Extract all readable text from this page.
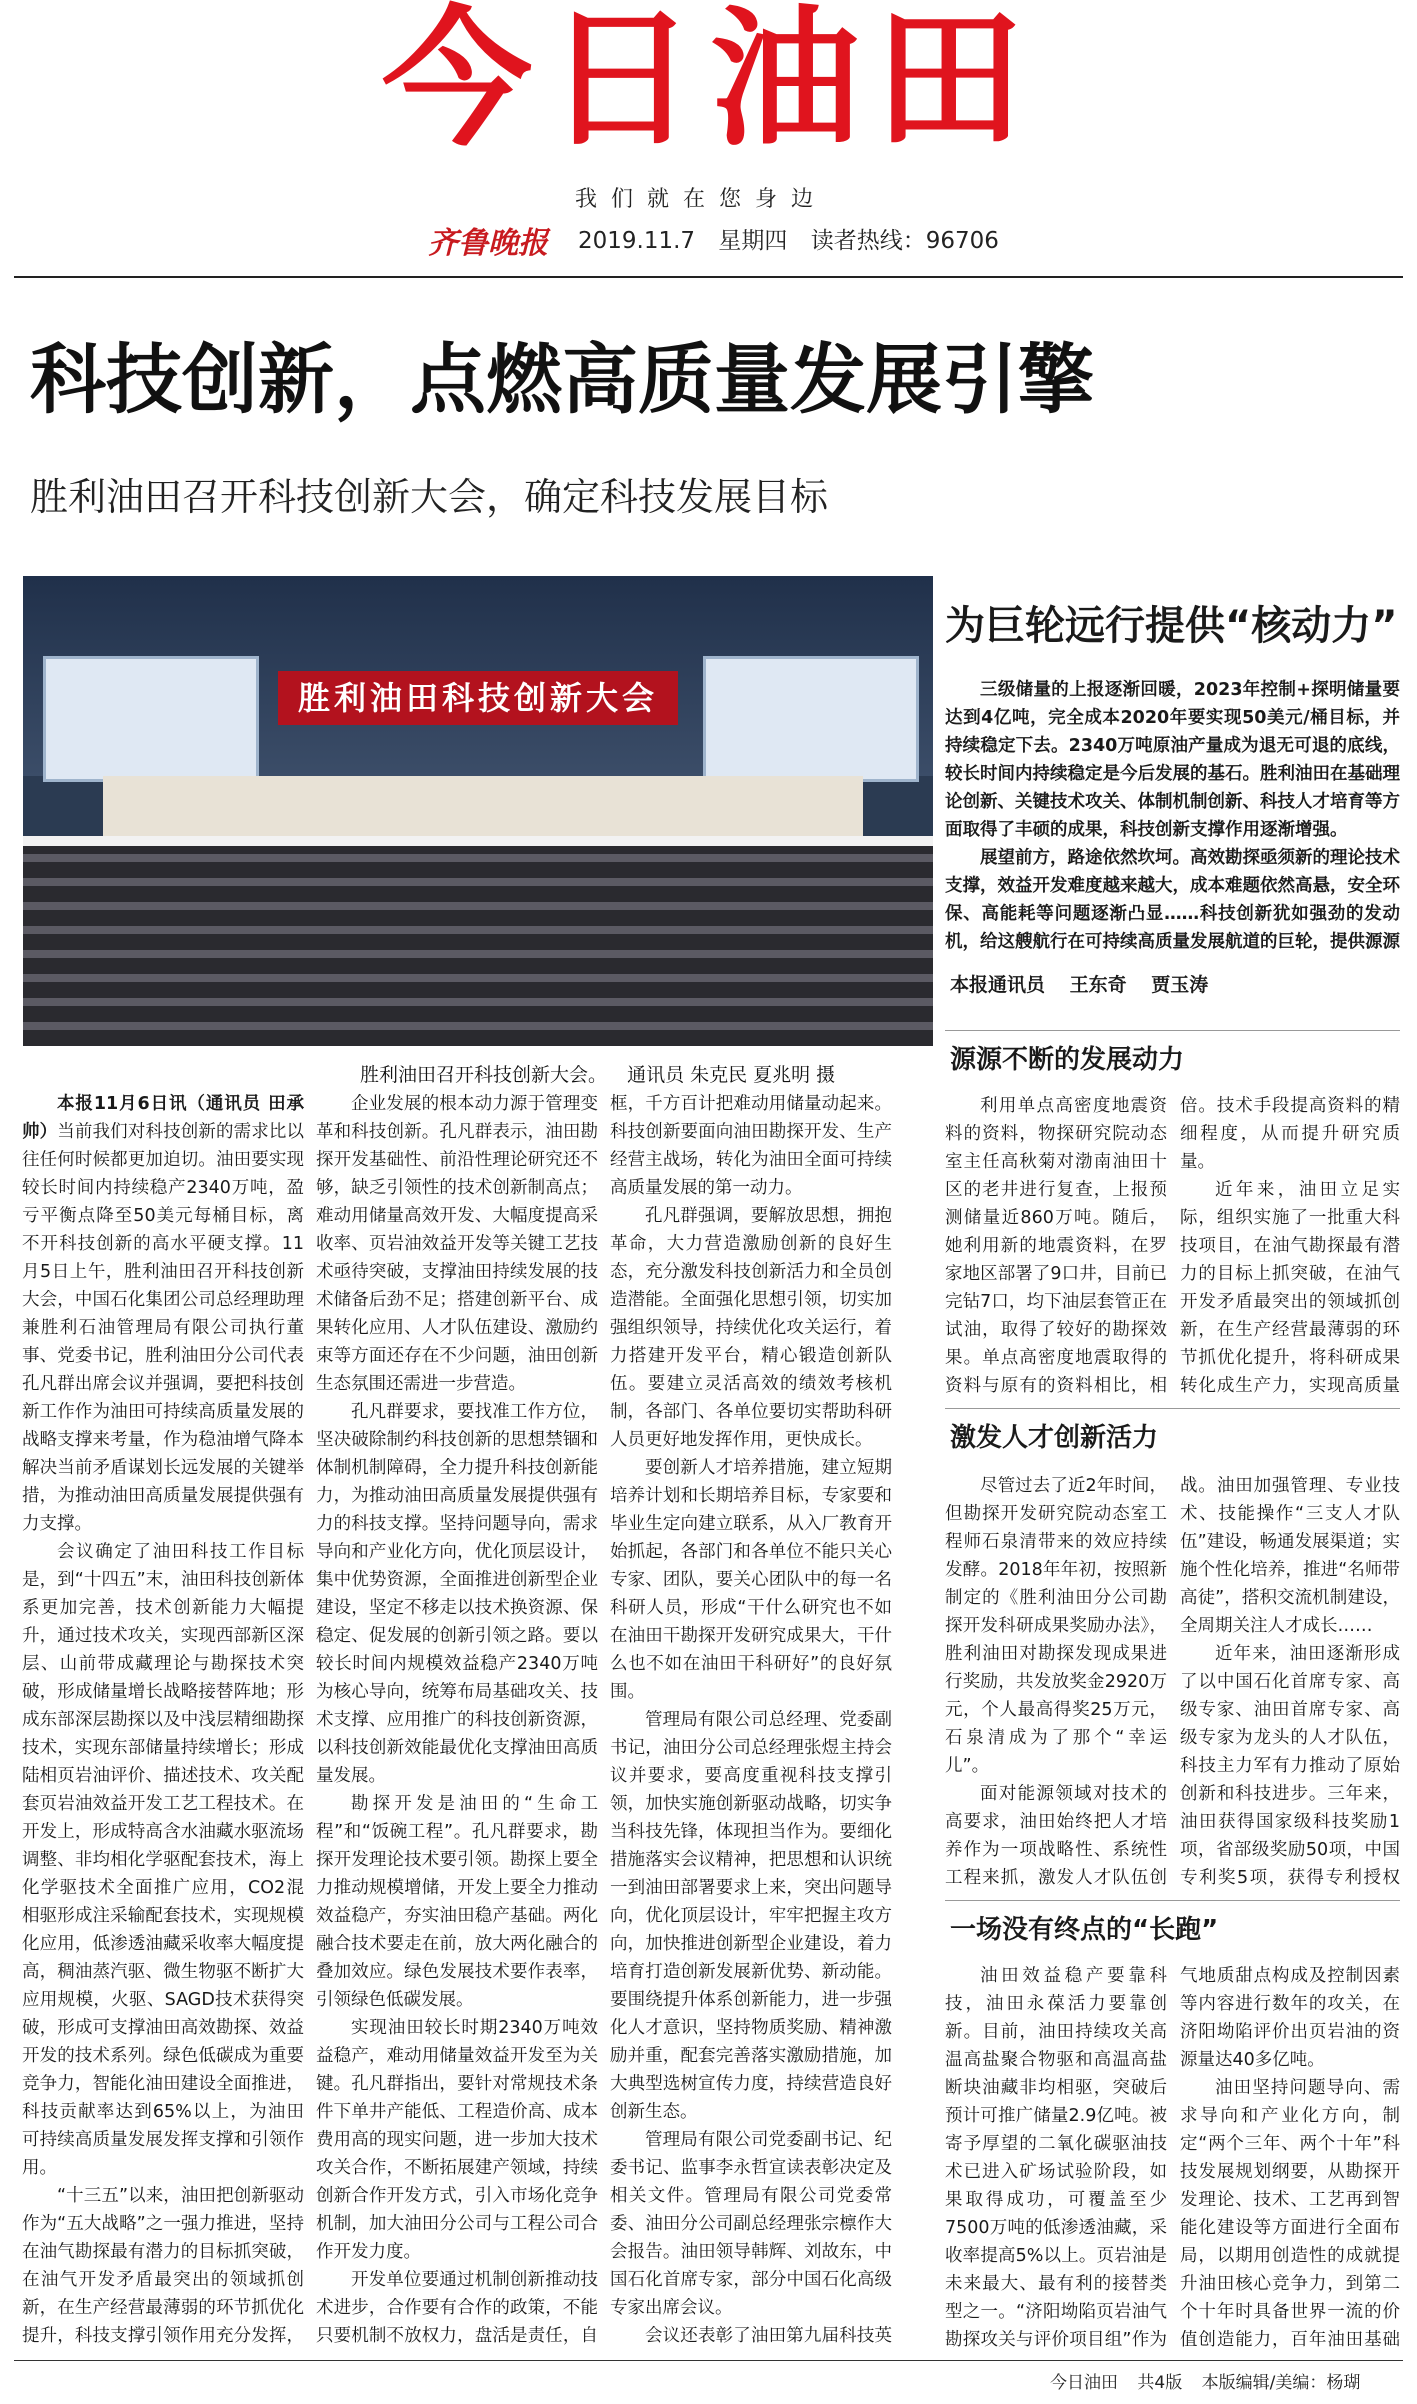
今日油田
我们就在您身边
齐鲁晚报 2019.11.7 星期四 读者热线：96706
科技创新，点燃高质量发展引擎
胜利油田召开科技创新大会，确定科技发展目标
胜利油田科技创新大会
胜利油田召开科技创新大会。 通讯员 朱克民 夏兆明 摄
为巨轮远行提供“核动力”

三级储量的上报逐渐回暖，2023年控制+探明储量要达到4亿吨，完全成本2020年要实现50美元/桶目标，并持续稳定下去。2340万吨原油产量成为退无可退的底线，较长时间内持续稳定是今后发展的基石。胜利油田在基础理论创新、关键技术攻关、体制机制创新、科技人才培育等方面取得了丰硕的成果，科技创新支撑作用逐渐增强。

展望前方，路途依然坎坷。高效勘探亟须新的理论技术支撑，效益开发难度越来越大，成本难题依然高悬，安全环保、高能耗等问题逐渐凸显……科技创新犹如强劲的发动机，给这艘航行在可持续高质量发展航道的巨轮，提供源源

本报通讯员 王东奇 贾玉涛
源源不断的发展动力

利用单点高密度地震资料的资料，物探研究院动态室主任高秋菊对渤南油田十区的老井进行复查，上报预测储量近860万吨。随后，她利用新的地震资料，在罗家地区部署了9口井，目前已完钻7口，均下油层套管正在试油，取得了较好的勘探效果。单点高密度地震取得的资料与原有的资料相比，相

倍。技术手段提高资料的精细程度，从而提升研究质量。

近年来，油田立足实际，组织实施了一批重大科技项目，在油气勘探最有潜力的目标上抓突破，在油气开发矛盾最突出的领域抓创新，在生产经营最薄弱的环节抓优化提升，将科研成果转化成生产力，实现高质量

激发人才创新活力

尽管过去了近2年时间，但勘探开发研究院动态室工程师石泉清带来的效应持续发酵。2018年年初，按照新制定的《胜利油田分公司勘探开发科研成果奖励办法》，胜利油田对勘探发现成果进行奖励，共发放奖金2920万元，个人最高得奖25万元，石泉清成为了那个“幸运儿”。

面对能源领域对技术的高要求，油田始终把人才培养作为一项战略性、系统性工程来抓，激发人才队伍创

战。油田加强管理、专业技术、技能操作“三支人才队伍”建设，畅通发展渠道；实施个性化培养，推进“名师带高徒”，搭积交流机制建设，全周期关注人才成长……

近年来，油田逐渐形成了以中国石化首席专家、高级专家、油田首席专家、高级专家为龙头的人才队伍，科技主力军有力推动了原始创新和科技进步。三年来，油田获得国家级科技奖励1项，省部级奖励50项，中国专利奖5项，获得专利授权

一场没有终点的“长跑”

油田效益稳产要靠科技，油田永葆活力要靠创新。目前，油田持续攻关高温高盐聚合物驱和高温高盐断块油藏非均相驱，突破后预计可推广储量2.9亿吨。被寄予厚望的二氧化碳驱油技术已进入矿场试验阶段，如果取得成功，可覆盖至少7500万吨的低渗透油藏，采收率提高5%以上。页岩油是未来最大、最有利的接替类型之一。“济阳坳陷页岩油气勘探攻关与评价项目组”作为

气地质甜点构成及控制因素等内容进行数年的攻关，在济阳坳陷评价出页岩油的资源量达40多亿吨。

油田坚持问题导向、需求导向和产业化方向，制定“两个三年、两个十年”科技发展规划纲要，从勘探开发理论、技术、工艺再到智能化建设等方面进行全面布局，以期用创造性的成就提升油田核心竞争力，到第二个十年时具备世界一流的价值创造能力，百年油田基础

本报11月6日讯（通讯员 田承帅）当前我们对科技创新的需求比以往任何时候都更加迫切。油田要实现较长时间内持续稳产2340万吨，盈亏平衡点降至50美元每桶目标，离不开科技创新的高水平硬支撑。11月5日上午，胜利油田召开科技创新大会，中国石化集团公司总经理助理兼胜利石油管理局有限公司执行董事、党委书记，胜利油田分公司代表孔凡群出席会议并强调，要把科技创新工作作为油田可持续高质量发展的战略支撑来考量，作为稳油增气降本解决当前矛盾谋划长远发展的关键举措，为推动油田高质量发展提供强有力支撑。

会议确定了油田科技工作目标是，到“十四五”末，油田科技创新体系更加完善，技术创新能力大幅提升，通过技术攻关，实现西部新区深层、山前带成藏理论与勘探技术突破，形成储量增长战略接替阵地；形成东部深层勘探以及中浅层精细勘探技术，实现东部储量持续增长；形成陆相页岩油评价、描述技术、攻关配套页岩油效益开发工艺工程技术。在开发上，形成特高含水油藏水驱流场调整、非均相化学驱配套技术，海上化学驱技术全面推广应用，CO2混相驱形成注采输配套技术，实现规模化应用，低渗透油藏采收率大幅度提高，稠油蒸汽驱、微生物驱不断扩大应用规模，火驱、SAGD技术获得突破，形成可支撑油田高效勘探、效益开发的技术系列。绿色低碳成为重要竞争力，智能化油田建设全面推进，科技贡献率达到65%以上，为油田可持续高质量发展发挥支撑和引领作用。

“十三五”以来，油田把创新驱动作为“五大战略”之一强力推进，坚持在油气勘探最有潜力的目标抓突破，在油气开发矛盾最突出的领域抓创新，在生产经营最薄弱的环节抓优化提升，科技支撑引领作用充分发挥，

企业发展的根本动力源于管理变革和科技创新。孔凡群表示，油田勘探开发基础性、前沿性理论研究还不够，缺乏引领性的技术创新制高点；难动用储量高效开发、大幅度提高采收率、页岩油效益开发等关键工艺技术亟待突破，支撑油田持续发展的技术储备后劲不足；搭建创新平台、成果转化应用、人才队伍建设、激励约束等方面还存在不少问题，油田创新生态氛围还需进一步营造。

孔凡群要求，要找准工作方位，坚决破除制约科技创新的思想禁锢和体制机制障碍，全力提升科技创新能力，为推动油田高质量发展提供强有力的科技支撑。坚持问题导向，需求导向和产业化方向，优化顶层设计，集中优势资源，全面推进创新型企业建设，坚定不移走以技术换资源、保稳定、促发展的创新引领之路。要以较长时间内规模效益稳产2340万吨为核心导向，统筹布局基础攻关、技术支撑、应用推广的科技创新资源，以科技创新效能最优化支撑油田高质量发展。

勘探开发是油田的“生命工程”和“饭碗工程”。孔凡群要求，勘探开发理论技术要引领。勘探上要全力推动规模增储，开发上要全力推动效益稳产，夯实油田稳产基础。两化融合技术要走在前，放大两化融合的叠加效应。绿色发展技术要作表率，引领绿色低碳发展。

实现油田较长时期2340万吨效益稳产，难动用储量效益开发至为关键。孔凡群指出，要针对常规技术条件下单井产能低、工程造价高、成本费用高的现实问题，进一步加大技术攻关合作，不断拓展建产领域，持续创新合作开发方式，引入市场化竞争机制，加大油田分公司与工程公司合作开发力度。

开发单位要通过机制创新推动技术进步，合作要有合作的政策，不能只要机制不放权力，盘活是责任，自

框，千方百计把难动用储量动起来。科技创新要面向油田勘探开发、生产经营主战场，转化为油田全面可持续高质量发展的第一动力。

孔凡群强调，要解放思想，拥抱革命，大力营造激励创新的良好生态，充分激发科技创新活力和全员创造潜能。全面强化思想引领，切实加强组织领导，持续优化攻关运行，着力搭建开发平台，精心锻造创新队伍。要建立灵活高效的绩效考核机制，各部门、各单位要切实帮助科研人员更好地发挥作用，更快成长。

要创新人才培养措施，建立短期培养计划和长期培养目标，专家要和毕业生定向建立联系，从入厂教育开始抓起，各部门和各单位不能只关心专家、团队，要关心团队中的每一名科研人员，形成“干什么研究也不如在油田干勘探开发研究成果大，干什么也不如在油田干科研好”的良好氛围。

管理局有限公司总经理、党委副书记，油田分公司总经理张煜主持会议并要求，要高度重视科技支撑引领，加快实施创新驱动战略，切实争当科技先锋，体现担当作为。要细化措施落实会议精神，把思想和认识统一到油田部署要求上来，突出问题导向，优化顶层设计，牢牢把握主攻方向，加快推进创新型企业建设，着力培育打造创新发展新优势、新动能。要围绕提升体系创新能力，进一步强化人才意识，坚持物质奖励、精神激励并重，配套完善落实激励措施，加大典型选树宣传力度，持续营造良好创新生态。

管理局有限公司党委副书记、纪委书记、监事李永哲宣读表彰决定及相关文件。管理局有限公司党委常委、油田分公司副总经理张宗檩作大会报告。油田领导韩辉、刘故东，中国石化首席专家，部分中国石化高级专家出席会议。

会议还表彰了油田第九届科技英

今日油田 共4版 本版编辑/美编：杨瑚
